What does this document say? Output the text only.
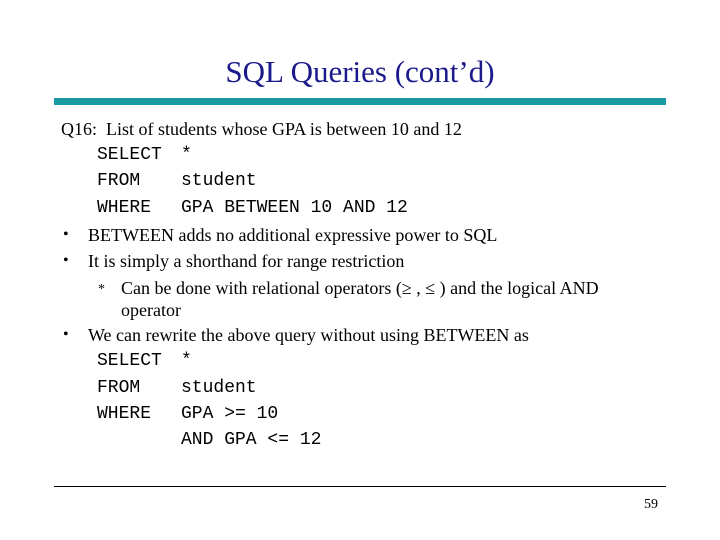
SQL Queries (cont’d)
Q16:  List of students whose GPA is between 10 and 12
SELECT *
FROM student
WHERE GPA BETWEEN 10 AND 12
• BETWEEN adds no additional expressive power to SQL
• It is simply a shorthand for range restriction
* Can be done with relational operators (≥ , ≤ ) and the logical AND
operator
• We can rewrite the above query without using BETWEEN as
SELECT *
FROM student
WHERE GPA >= 10
AND GPA <= 12
59
